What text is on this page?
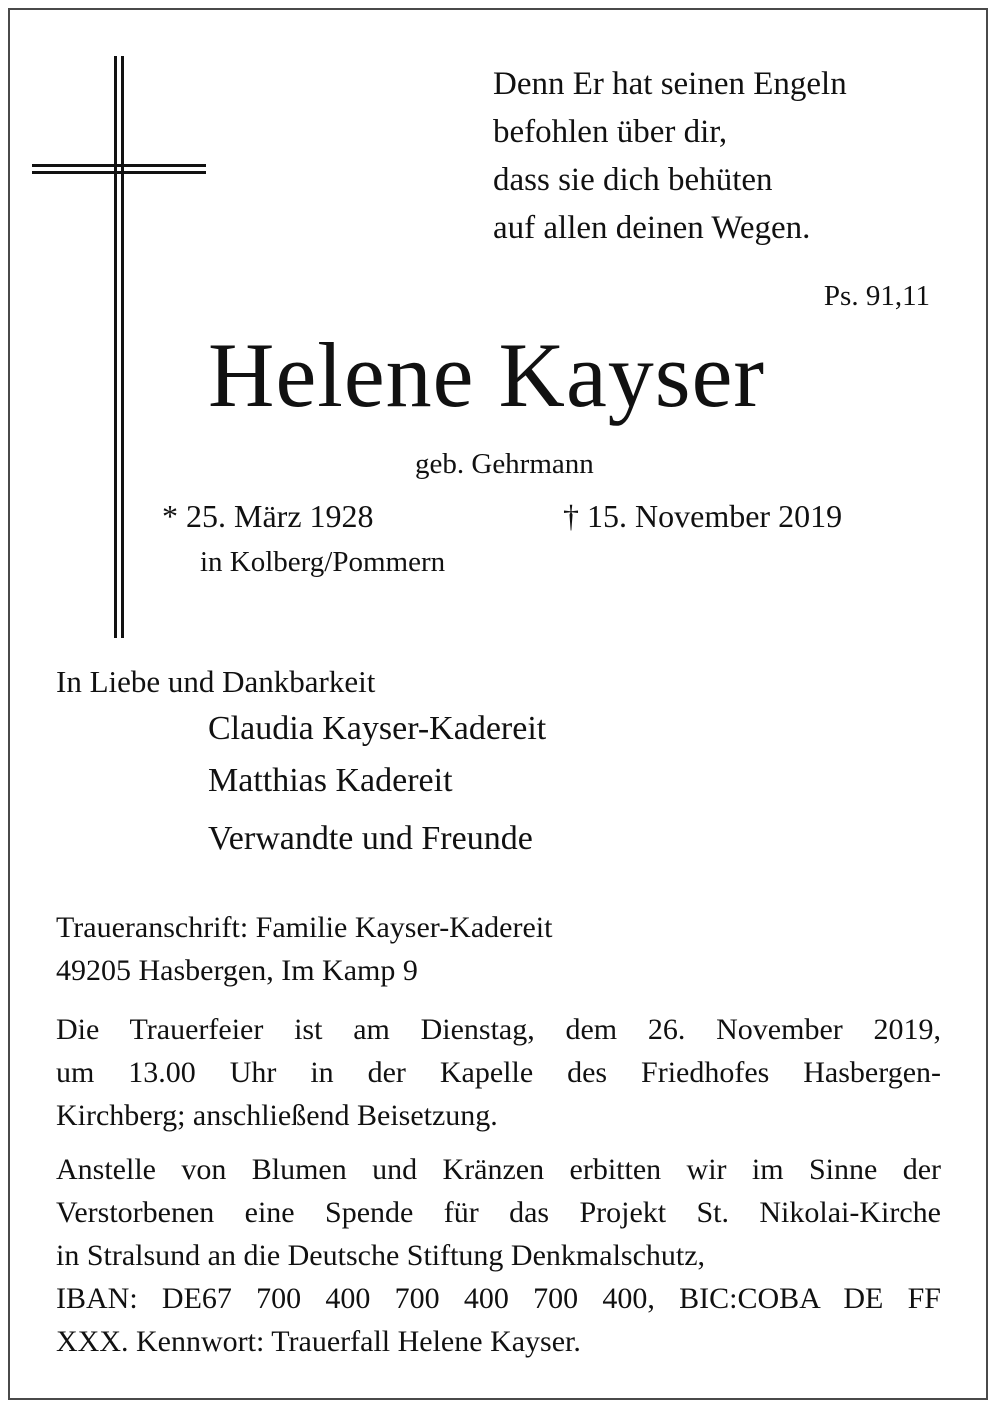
Denn Er hat seinen Engeln
befohlen über dir,
dass sie dich behüten
auf allen deinen Wegen.
Ps. 91,11
Helene Kayser
geb. Gehrmann
* 25. März 1928	† 15. November 2019
in Kolberg/Pommern
In Liebe und Dankbarkeit
Claudia Kayser-Kadereit
Matthias Kadereit
Verwandte und Freunde
Traueranschrift: Familie Kayser-Kadereit
49205 Hasbergen, Im Kamp 9
Die Trauerfeier ist am Dienstag, dem 26. November 2019,
um 13.00 Uhr in der Kapelle des Friedhofes Hasbergen-
Kirchberg; anschließend Beisetzung.
Anstelle von Blumen und Kränzen erbitten wir im Sinne der
Verstorbenen eine Spende für das Projekt St. Nikolai-Kirche
in Stralsund an die Deutsche Stiftung Denkmalschutz,
IBAN: DE67 700 400 700 400 700 400, BIC:COBA DE FF
XXX. Kennwort: Trauerfall Helene Kayser.
